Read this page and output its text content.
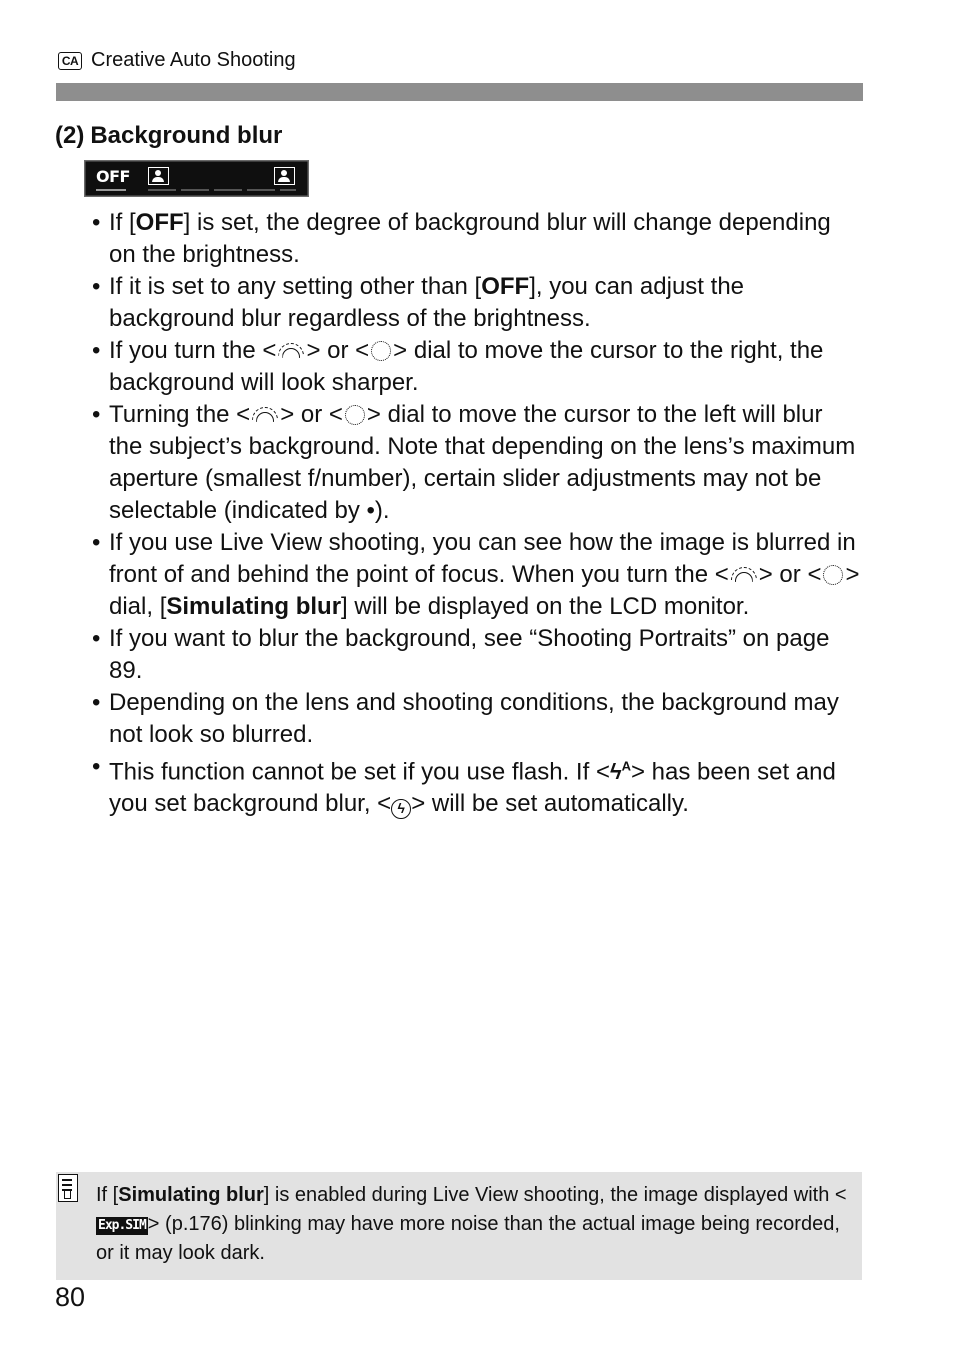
CA Creative Auto Shooting
(2) Background blur
OFF
• If [OFF] is set, the degree of background blur will change depending on the brightness.
• If it is set to any setting other than [OFF], you can adjust the background blur regardless of the brightness.
• If you turn the < > or < > dial to move the cursor to the right, the background will look sharper.
• Turning the < > or < > dial to move the cursor to the left will blur the subject’s background. Note that depending on the lens’s maximum aperture (smallest f/number), certain slider adjustments may not be selectable (indicated by •).
• If you use Live View shooting, you can see how the image is blurred in front of and behind the point of focus. When you turn the < > or < > dial, [Simulating blur] will be displayed on the LCD monitor.
• If you want to blur the background, see “Shooting Portraits” on page 89.
• Depending on the lens and shooting conditions, the background may not look so blurred.
• This function cannot be set if you use flash. $If <ϟ^A>$ has been set and you set background blur, < ϟ > will be set automatically.
If [Simulating blur] is enabled during Live View shooting, the image displayed with <Exp.SIM > (p.176) blinking may have more noise than the actual image being recorded, or it may look dark.
80
